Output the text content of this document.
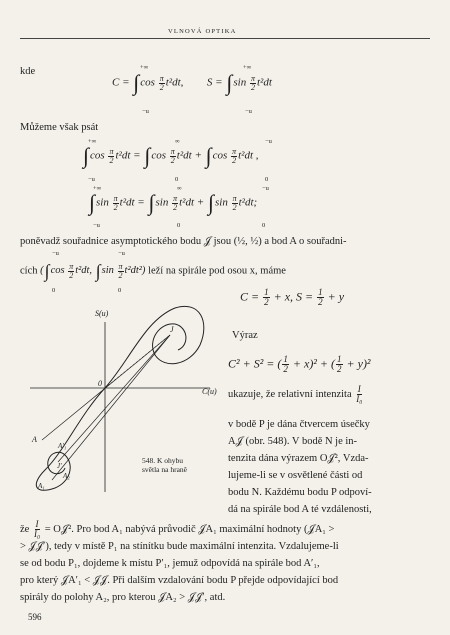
VLNOVÁ OPTIKA
kde
$C = \int\cos \frac{\pi}{2} t^2dt$, $S = \int\sin \frac{\pi}{2} t^2dt$
+∞
−u
+∞
−u
Můžeme však psát
$\int\cos \frac{\pi}{2} t^2dt = \int\cos \frac{\pi}{2} t^2dt + \int\cos \frac{\pi}{2} t^2dt$ ,
+∞
−u
∞
0
−u
0
$\int\sin \frac{\pi}{2} t^2dt = \int\sin \frac{\pi}{2} t^2dt + \int\sin \frac{\pi}{2} t^2dt$;
+∞
−u
∞
0
−u
0
poněvadž souřadnice asymptotického bodu 𝒥 jsou (½, ½) a bod A o souřadni-
cích ($\int\cos \frac{\pi}{2} t^2dt$, $\int\sin \frac{\pi}{2} t^2dt^2$) leží na spirále pod osou x, máme
−u
0
−u
0	$C = \frac{1}{2} + x$, $S = \frac{1}{2} + y$
Výraz
C² + S² = ( $\frac{1}{2} + x)^2$ + ( $\frac{1}{2} + y)^2$
ukazuje, že relativní intenzita $\frac{I}{\text{I₀}}$
v bodě P je dána čtvercem úsečky
A𝒥 (obr. 548). V bodě N je in-
tenzita dána výrazem O𝒥², Vzda-
lujeme-li se v osvětlené části od
bodu N. Každému bodu P odpoví-
dá na spirále bod A té vzdálenosti,
548. K ohybu
světla na hraně
S(u)
C(u)
0
J
J′
A
A₁
A′₁
A₂
že $\frac{I}{\text{I₀}}$ = O𝒥². Pro bod A₁ nabývá průvodič 𝒥A₁ maximální hodnoty (𝒥A₁ >
> 𝒥𝒥′), tedy v místě P₁ na stínítku bude maximální intenzita. Vzdalujeme-li
se od bodu P₁, dojdeme k místu P′₁, jemuž odpovídá na spirále bod A′₁,
pro který 𝒥A′₁ < 𝒥𝒥. Při dalším vzdalování bodu P přejde odpovídající bod
spirály do polohy A₂, pro kterou 𝒥A₂ > 𝒥𝒥′, atd.
596
